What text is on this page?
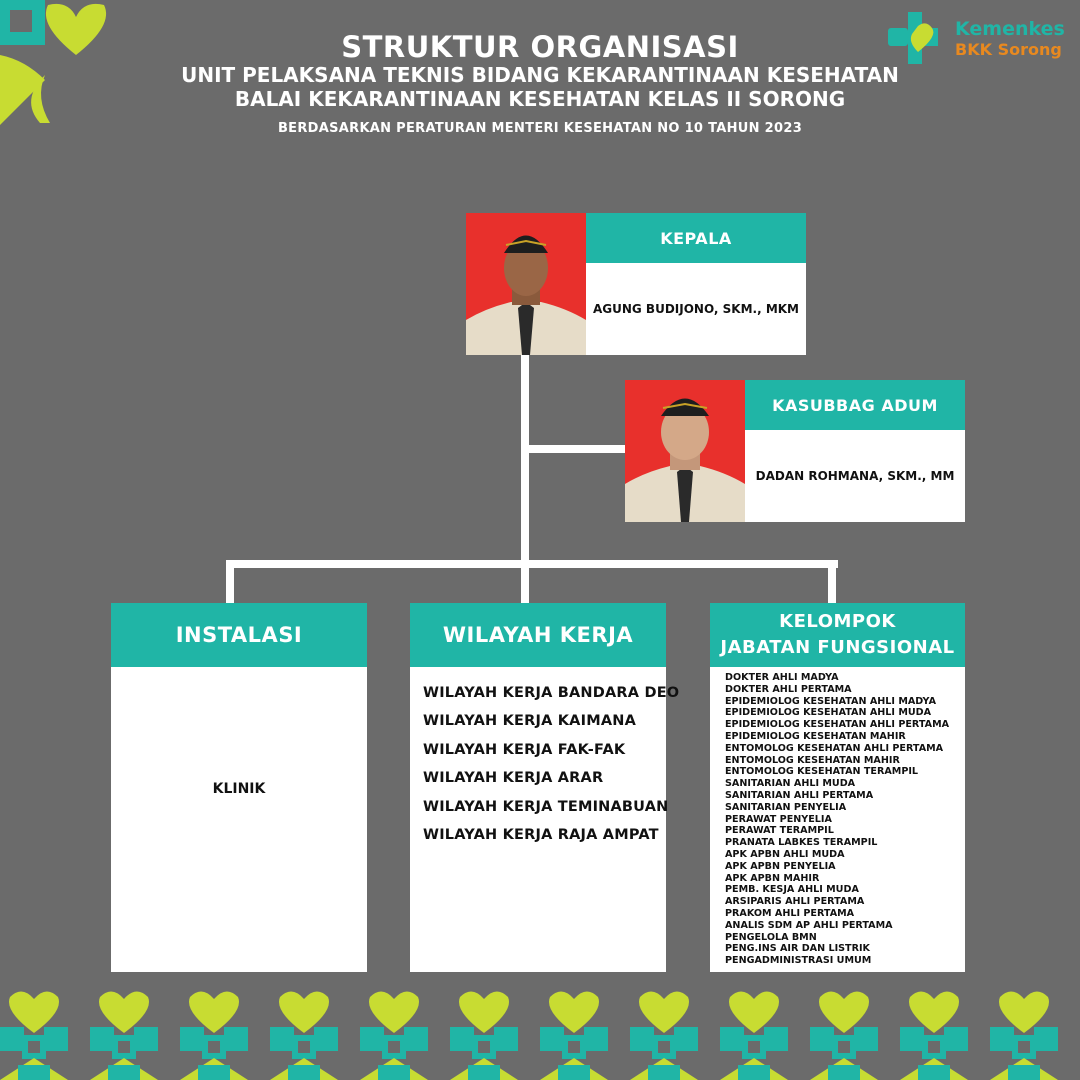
Kemenkes
BKK Sorong
STRUKTUR ORGANISASI
UNIT PELAKSANA TEKNIS BIDANG KEKARANTINAAN KESEHATAN
BALAI KEKARANTINAAN KESEHATAN KELAS II SORONG
BERDASARKAN PERATURAN MENTERI KESEHATAN NO 10 TAHUN 2023
KEPALA
AGUNG BUDIJONO, SKM., MKM
KASUBBAG ADUM
DADAN ROHMANA, SKM., MM
INSTALASI
KLINIK
WILAYAH KERJA
WILAYAH KERJA BANDARA DEO
WILAYAH KERJA KAIMANA
WILAYAH KERJA FAK-FAK
WILAYAH KERJA ARAR
WILAYAH KERJA TEMINABUAN
WILAYAH KERJA RAJA AMPAT
KELOMPOK
JABATAN FUNGSIONAL
DOKTER AHLI MADYA
DOKTER AHLI PERTAMA
EPIDEMIOLOG KESEHATAN AHLI MADYA
EPIDEMIOLOG KESEHATAN AHLI MUDA
EPIDEMIOLOG KESEHATAN AHLI PERTAMA
EPIDEMIOLOG KESEHATAN MAHIR
ENTOMOLOG KESEHATAN AHLI PERTAMA
ENTOMOLOG KESEHATAN MAHIR
ENTOMOLOG KESEHATAN TERAMPIL
SANITARIAN AHLI MUDA
SANITARIAN AHLI PERTAMA
SANITARIAN PENYELIA
PERAWAT PENYELIA
PERAWAT TERAMPIL
PRANATA LABKES TERAMPIL
APK APBN AHLI MUDA
APK APBN PENYELIA
APK APBN MAHIR
PEMB. KESJA AHLI MUDA
ARSIPARIS AHLI PERTAMA
PRAKOM AHLI PERTAMA
ANALIS SDM AP AHLI PERTAMA
PENGELOLA BMN
PENG.INS AIR DAN LISTRIK
PENGADMINISTRASI UMUM
